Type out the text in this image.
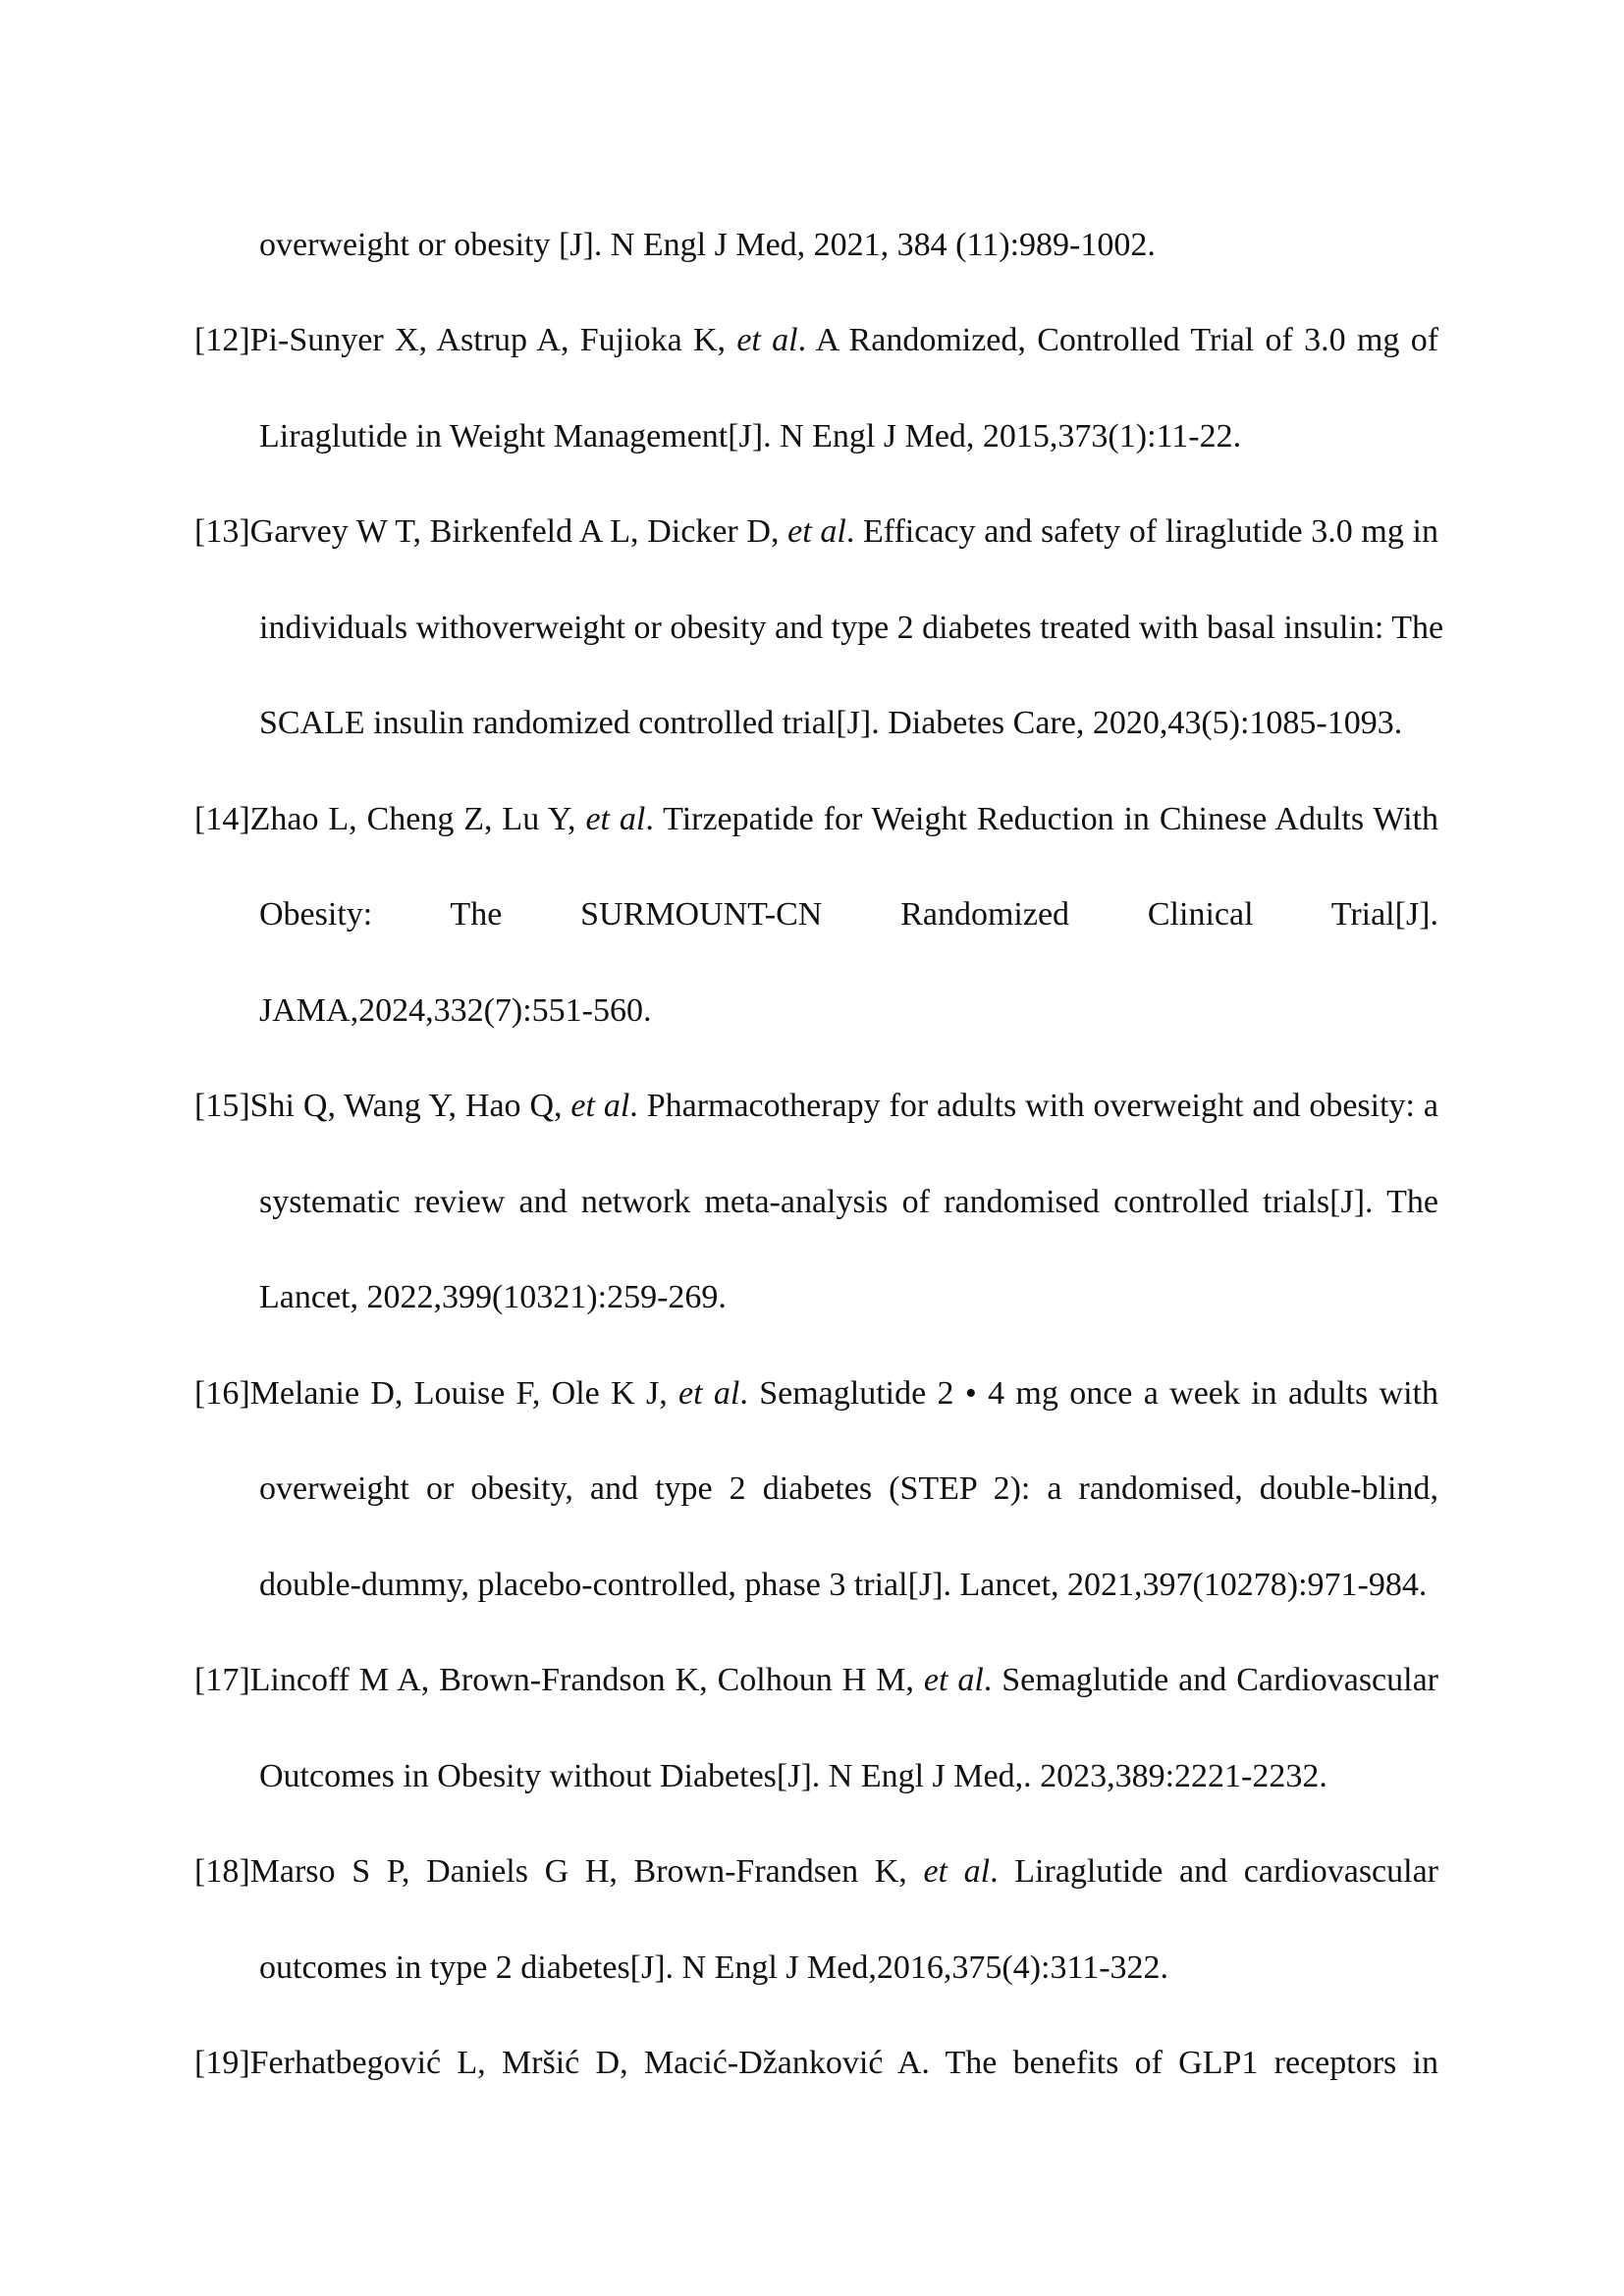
overweight or obesity [J]. N Engl J Med, 2021, 384 (11):989-1002.
[12]Pi-Sunyer X, Astrup A, Fujioka K, et al. A Randomized, Controlled Trial of 3.0 mg of
Liraglutide in Weight Management[J]. N Engl J Med, 2015,373(1):11-22.
[13]Garvey W T, Birkenfeld A L, Dicker D, et al. Efficacy and safety of liraglutide 3.0 mg in
individuals withoverweight or obesity and type 2 diabetes treated with basal insulin: The
SCALE insulin randomized controlled trial[J]. Diabetes Care, 2020,43(5):1085-1093.
[14]Zhao L, Cheng Z, Lu Y, et al. Tirzepatide for Weight Reduction in Chinese Adults With
Obesity: The SURMOUNT-CN Randomized Clinical Trial[J].
JAMA,2024,332(7):551-560.
[15]Shi Q, Wang Y, Hao Q, et al. Pharmacotherapy for adults with overweight and obesity: a
systematic review and network meta-analysis of randomised controlled trials[J]. The
Lancet, 2022,399(10321):259-269.
[16]Melanie D, Louise F, Ole K J, et al. Semaglutide 2 • 4 mg once a week in adults with
overweight or obesity, and type 2 diabetes (STEP 2): a randomised, double-blind,
double-dummy, placebo-controlled, phase 3 trial[J]. Lancet, 2021,397(10278):971-984.
[17]Lincoff M A, Brown-Frandson K, Colhoun H M, et al. Semaglutide and Cardiovascular
Outcomes in Obesity without Diabetes[J]. N Engl J Med,. 2023,389:2221-2232.
[18]Marso S P, Daniels G H, Brown-Frandsen K, et al. Liraglutide and cardiovascular
outcomes in type 2 diabetes[J]. N Engl J Med,2016,375(4):311-322.
[19]Ferhatbegović L, Mršić D, Macić-Džanković A. The benefits of GLP1 receptors in
